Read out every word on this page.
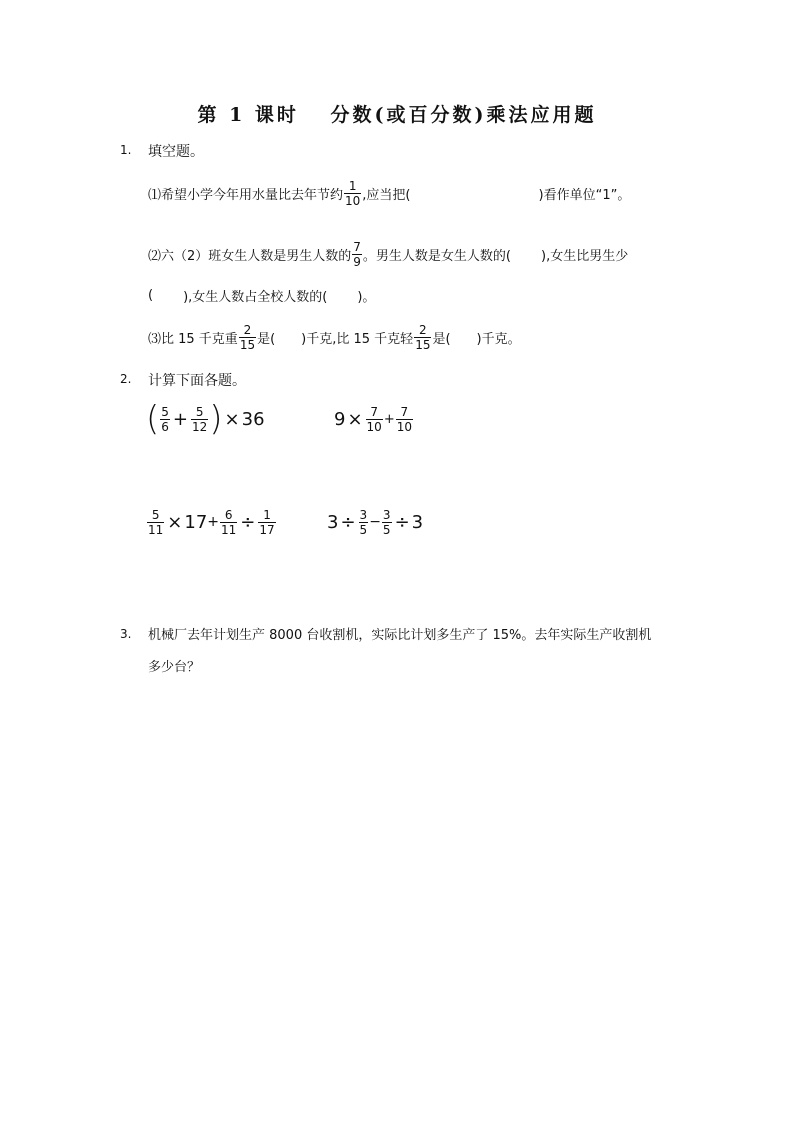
第 1 课时　 分数(或百分数)乘法应用题
1. 填空题。
⑴希望小学今年用水量比去年节约 $\frac{1}{10}$ ,应当把(	)看作单位“1”。
⑵六（2）班女生人数是男生人数的 $\frac{7}{9}$ 。男生人数是女生人数的( ),女生比男生少
( ),女生人数占全校人数的( )。
⑶比 15 千克重 $\frac{2}{15}$ 是( )千克,比 15 千克轻 $\frac{2}{15}$ 是( )千克。
2. 计算下面各题。
( $\frac{5}{6} + \frac{5}{12}$ ) × 36	$9 \times \frac{7}{10} + \frac{7}{10}$
$\frac{5}{11} \times 17 + \frac{6}{11} \div \frac{1}{17}$	$3 \div \frac{3}{5} - \frac{3}{5} \div 3$
3. 机械厂去年计划生产 8000 台收割机，实际比计划多生产了 15%。去年实际生产收割机
多少台？
